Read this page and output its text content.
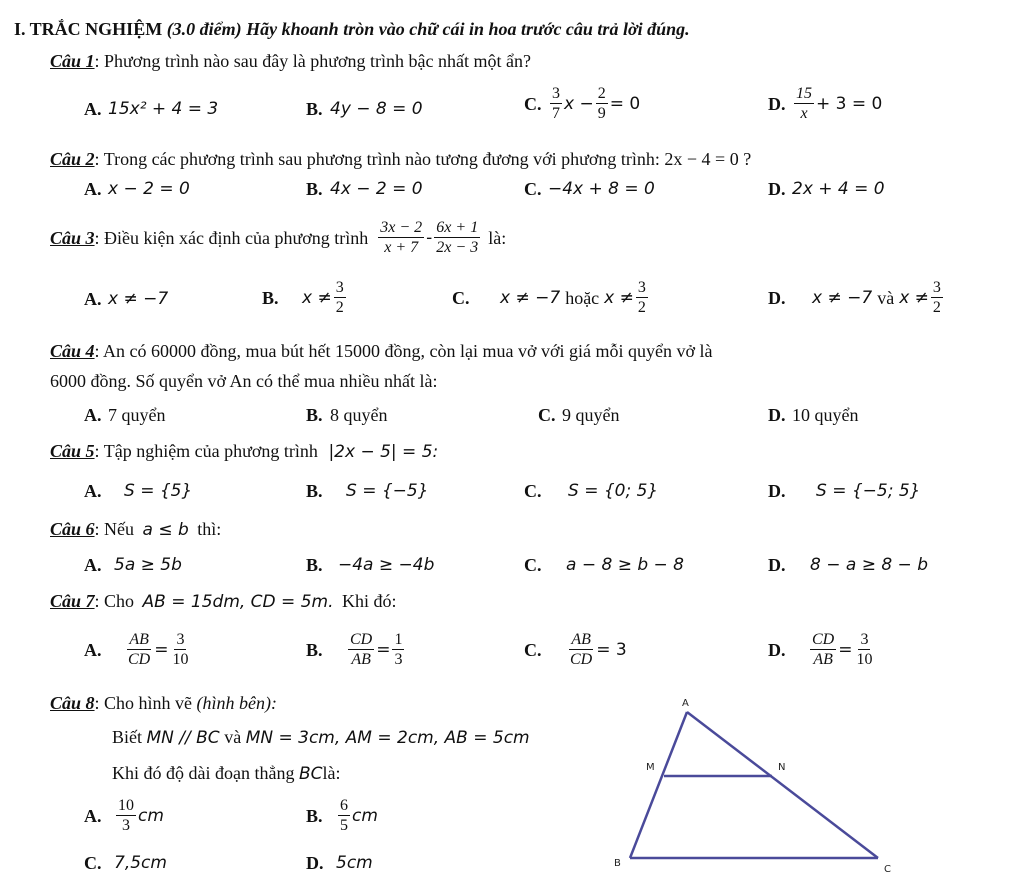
I. TRẮC NGHIỆM (3.0 điểm) Hãy khoanh tròn vào chữ cái in hoa trước câu trả lời đúng.
Câu 1: Phương trình nào sau đây là phương trình bậc nhất một ẩn?
A. 15x² + 4 = 3	B. 4y − 8 = 0	C. $\frac{3}{7}$ $x - \frac{2}{9} = 0$	D. $\frac{15}{x} + 3 = 0$
Câu 2: Trong các phương trình sau phương trình nào tương đương với phương trình: 2x − 4 = 0 ?
A. x − 2 = 0	B. 4x − 2 = 0	C. −4x + 8 = 0	D. 2x + 4 = 0
Câu 3 : Điều kiện xác định của phương trình $\frac{3x - 2}{x + 7} - \frac{6x + 1}{2x - 3}$ là:
A. x ≠ −7	B.	$x \ne \frac{3}{2}$	C.	x ≠ −7 hoặc $x \ne \frac{3}{2}$	D.	x ≠ −7 và $x \ne \frac{3}{2}$
Câu 4: An có 60000 đồng, mua bút hết 15000 đồng, còn lại mua vở với giá mỗi quyển vở là
6000 đồng. Số quyển vở An có thể mua nhiều nhất là:
A. 7 quyển	B. 8 quyển	C. 9 quyển	D. 10 quyển
Câu 5: Tập nghiệm của phương trình |2x − 5| = 5:
A.	S = {5}	B.	S = {−5}	C.	S = {0; 5}	D.	S = {−5; 5}
Câu 6: Nếu a ≤ b thì:
A. 5a ≥ 5b	B. −4a ≥ −4b	C.	a − 8 ≥ b − 8	D.	8 − a ≥ 8 − b
Câu 7: Cho AB = 15dm, CD = 5m. Khi đó:
A.	$\frac{AB}{CD} = \frac{3}{10}$	B.	$\frac{CD}{AB} = \frac{1}{3}$	C.	$\frac{AB}{CD} = 3$	D.	$\frac{CD}{AB} = \frac{3}{10}$
Câu 8: Cho hình vẽ (hình bên):
Biết MN // BC và MN = 3cm, AM = 2cm, AB = 5cm
Khi đó độ dài đoạn thẳng BClà:
A. $\frac{10}{3}$ cm	B. $\frac{6}{5}$ cm
C. 7,5cm	D. 5cm
A
M	N
B
C
